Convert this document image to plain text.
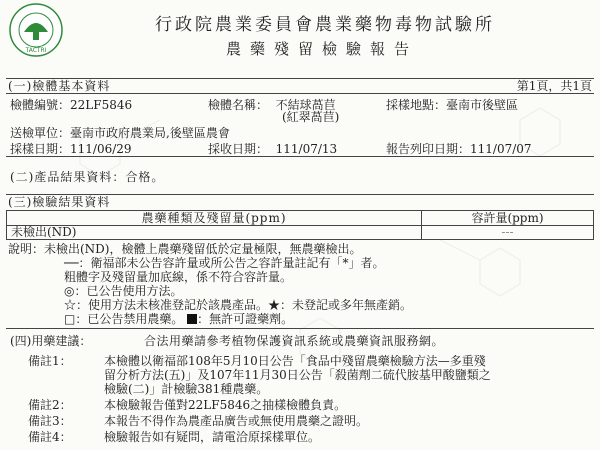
TACTRI
行政院農業委員會農業藥物毒物試驗所
農藥殘留檢驗報告
(一)檢體基本資料	第1頁，共1頁
檢體編號：22LF5846	檢體名稱： 不結球萵苣
(紅翠萵苣)
採樣地點：臺南市後壁區
送檢單位：臺南市政府農業局,後壁區農會
採樣日期：111/06/29	採收日期： 111/07/13	報告列印日期：111/07/07
(二)產品結果資料：合格。
(三)檢驗結果資料
農藥種類及殘留量(ppm)	容許量(ppm)
未檢出(ND)	---
說明：未檢出(ND)，檢體上農藥殘留低於定量極限，無農藥檢出。
──：衛福部未公告容許量或所公告之容許量註記有「*」者。
粗體字及殘留量加底線，係不符合容許量。
◎：已公告使用方法。
☆：使用方法未核准登記於該農產品。★：未登記或多年無產銷。
□：已公告禁用農藥。 ：無許可證藥劑。
(四)用藥建議：	合法用藥請參考植物保護資訊系統或農藥資訊服務網。
備註1：	本檢體以衛福部108年5月10日公告「食品中殘留農藥檢驗方法—多重殘
留分析方法(五)」及107年11月30日公告「殺菌劑二硫代胺基甲酸鹽類之
檢驗(二)」計檢驗381種農藥。
備註2：	本檢驗報告僅對22LF5846之抽樣檢體負責。
備註3：	本報告不得作為農產品廣告或無使用農藥之證明。
備註4：	檢驗報告如有疑問，請電洽原採樣單位。
